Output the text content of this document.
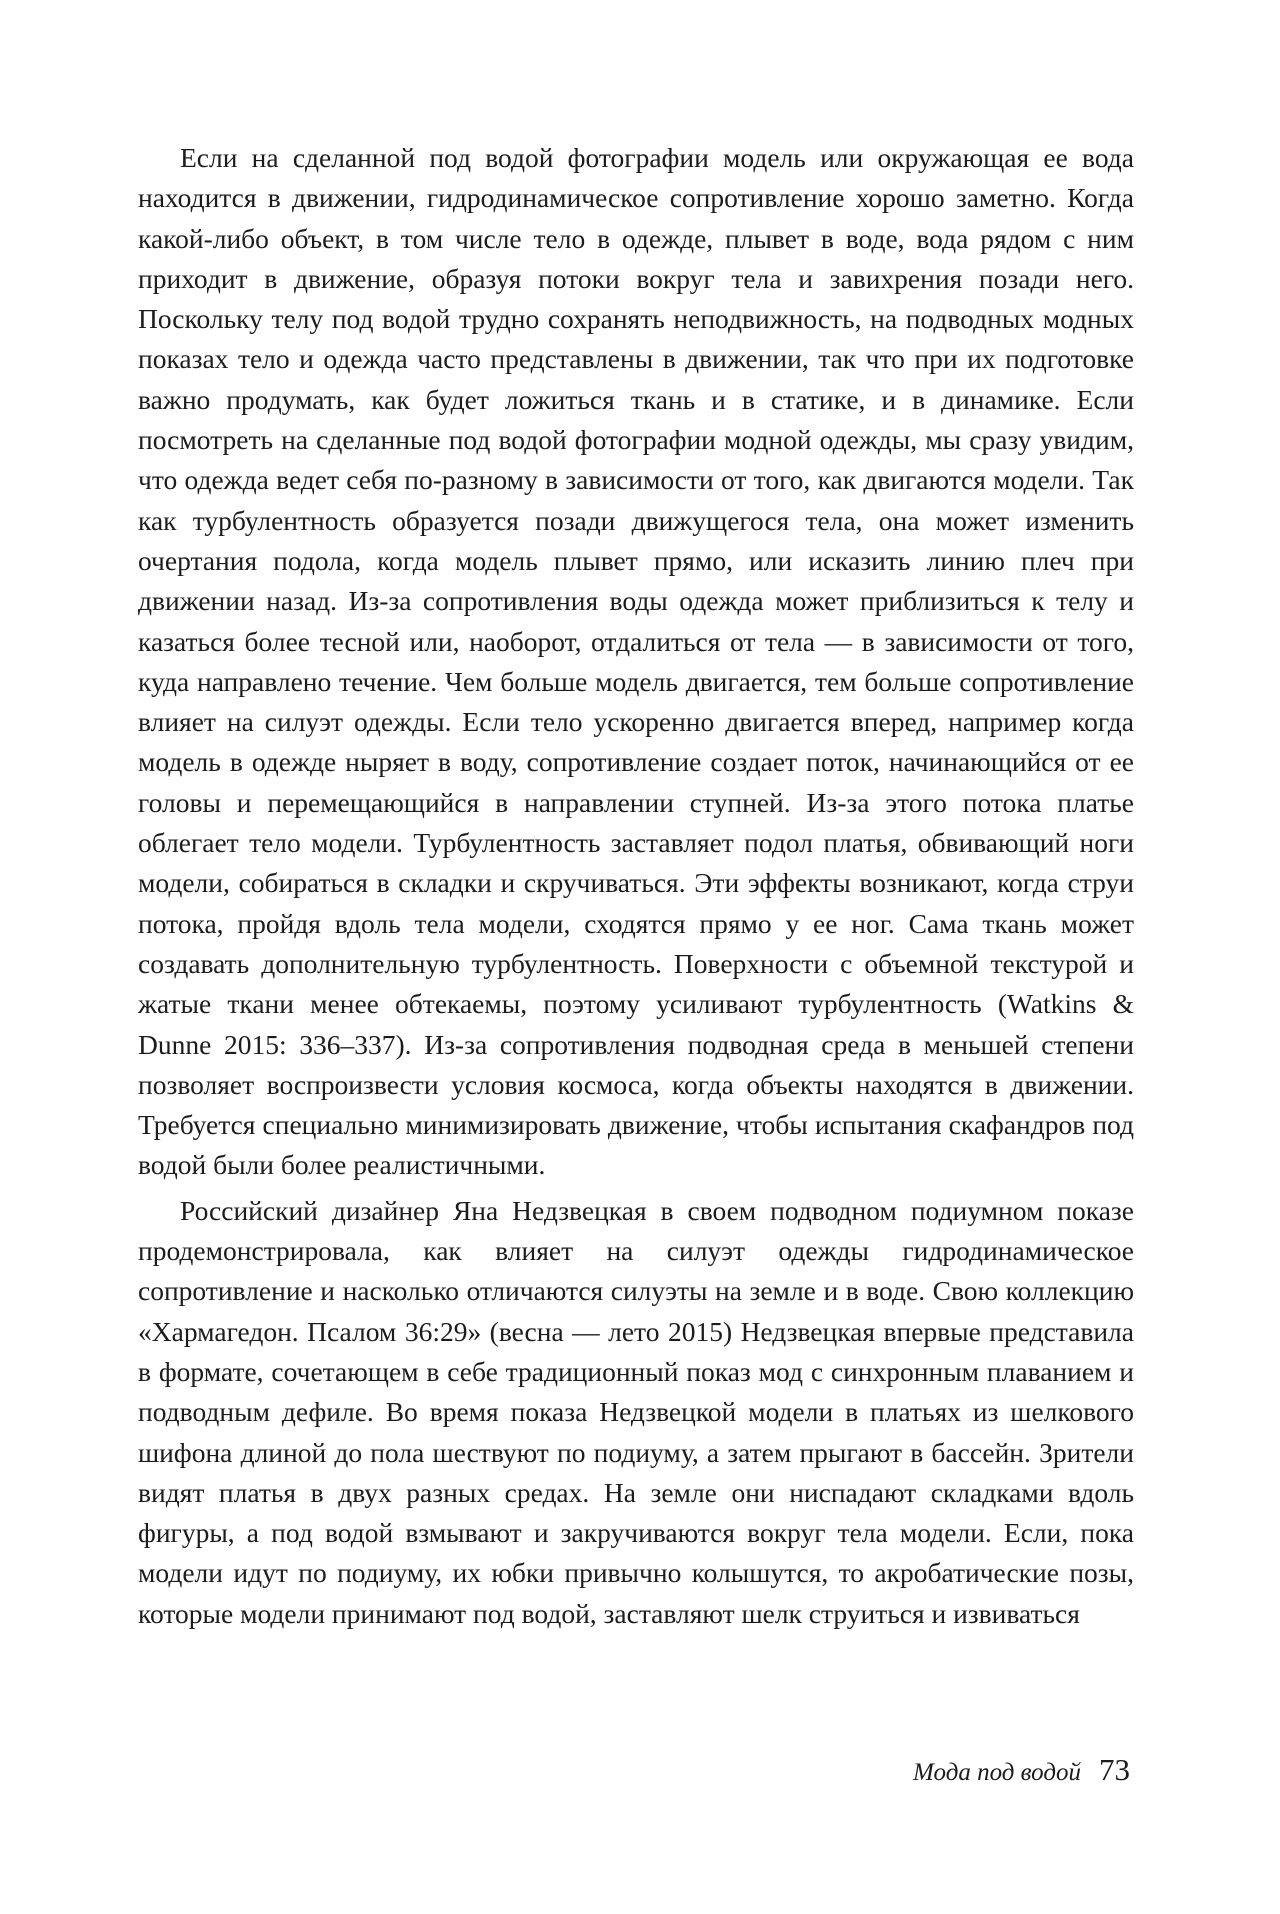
Если на сделанной под водой фотографии модель или окружающая ее вода находится в движении, гидродинамическое сопротивление хорошо заметно. Когда какой-либо объект, в том числе тело в одежде, плывет в воде, вода рядом с ним приходит в движение, образуя потоки вокруг тела и завихрения позади него. Поскольку телу под водой трудно сохранять неподвижность, на подводных модных показах тело и одежда часто представлены в движении, так что при их подготовке важно продумать, как будет ложиться ткань и в статике, и в динамике. Если посмотреть на сделанные под водой фотографии модной одежды, мы сразу увидим, что одежда ведет себя по-разному в зависимости от того, как двигаются модели. Так как турбулентность образуется позади движущегося тела, она может изменить очертания подола, когда модель плывет прямо, или исказить линию плеч при движении назад. Из-за сопротивления воды одежда может приблизиться к телу и казаться более тесной или, наоборот, отдалиться от тела — в зависимости от того, куда направлено течение. Чем больше модель двигается, тем больше сопротивление влияет на силуэт одежды. Если тело ускоренно двигается вперед, например когда модель в одежде ныряет в воду, сопротивление создает поток, начинающийся от ее головы и перемещающийся в направлении ступней. Из-за этого потока платье облегает тело модели. Турбулентность заставляет подол платья, обвивающий ноги модели, собираться в складки и скручиваться. Эти эффекты возникают, когда струи потока, пройдя вдоль тела модели, сходятся прямо у ее ног. Сама ткань может создавать дополнительную турбулентность. Поверхности с объемной текстурой и жатые ткани менее обтекаемы, поэтому усиливают турбулентность (Watkins & Dunne 2015: 336–337). Из-за сопротивления подводная среда в меньшей степени позволяет воспроизвести условия космоса, когда объекты находятся в движении. Требуется специально минимизировать движение, чтобы испытания скафандров под водой были более реалистичными.

Российский дизайнер Яна Недзвецкая в своем подводном подиумном показе продемонстрировала, как влияет на силуэт одежды гидродинамическое сопротивление и насколько отличаются силуэты на земле и в воде. Свою коллекцию «Хармагедон. Псалом 36:29» (весна — лето 2015) Недзвецкая впервые представила в формате, сочетающем в себе традиционный показ мод с синхронным плаванием и подводным дефиле. Во время показа Недзвецкой модели в платьях из шелкового шифона длиной до пола шествуют по подиуму, а затем прыгают в бассейн. Зрители видят платья в двух разных средах. На земле они ниспадают складками вдоль фигуры, а под водой взмывают и закручиваются вокруг тела модели. Если, пока модели идут по подиуму, их юбки привычно колышутся, то акробатические позы, которые модели принимают под водой, заставляют шелк струиться и извиваться

Мода под водой 73
